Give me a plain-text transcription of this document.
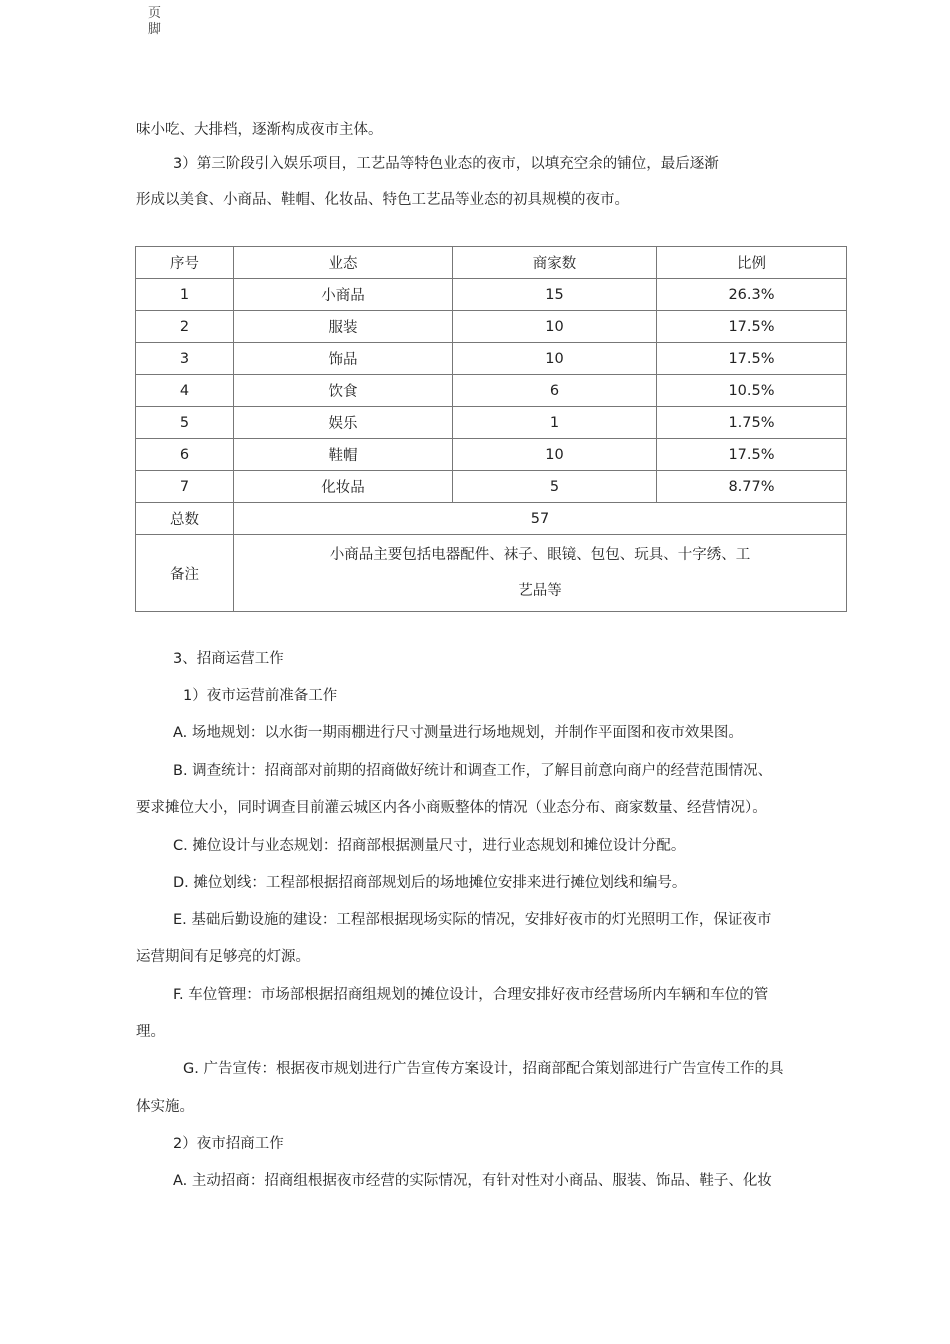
页脚
味小吃、大排档，逐渐构成夜市主体。
3）第三阶段引入娱乐项目，工艺品等特色业态的夜市，以填充空余的铺位，最后逐渐
形成以美食、小商品、鞋帽、化妆品、特色工艺品等业态的初具规模的夜市。
序号	业态	商家数	比例
1	小商品	15	26.3%
2	服装	10	17.5%
3	饰品	10	17.5%
4	饮食	6	10.5%
5	娱乐	1	1.75%
6	鞋帽	10	17.5%
7	化妆品	5	8.77%
总数	57		
备注	小商品主要包括电器配件、袜子、眼镜、包包、玩具、十字绣、工艺品等		
3、招商运营工作
1）夜市运营前准备工作
A. 场地规划：以水街一期雨棚进行尺寸测量进行场地规划，并制作平面图和夜市效果图。
B. 调查统计：招商部对前期的招商做好统计和调查工作，了解目前意向商户的经营范围情况、
要求摊位大小，同时调查目前灌云城区内各小商贩整体的情况（业态分布、商家数量、经营情况）。
C. 摊位设计与业态规划：招商部根据测量尺寸，进行业态规划和摊位设计分配。
D. 摊位划线：工程部根据招商部规划后的场地摊位安排来进行摊位划线和编号。
E. 基础后勤设施的建设：工程部根据现场实际的情况，安排好夜市的灯光照明工作，保证夜市
运营期间有足够亮的灯源。
F. 车位管理：市场部根据招商组规划的摊位设计，合理安排好夜市经营场所内车辆和车位的管
理。
G. 广告宣传：根据夜市规划进行广告宣传方案设计，招商部配合策划部进行广告宣传工作的具
体实施。
2）夜市招商工作
A. 主动招商：招商组根据夜市经营的实际情况，有针对性对小商品、服装、饰品、鞋子、化妆
